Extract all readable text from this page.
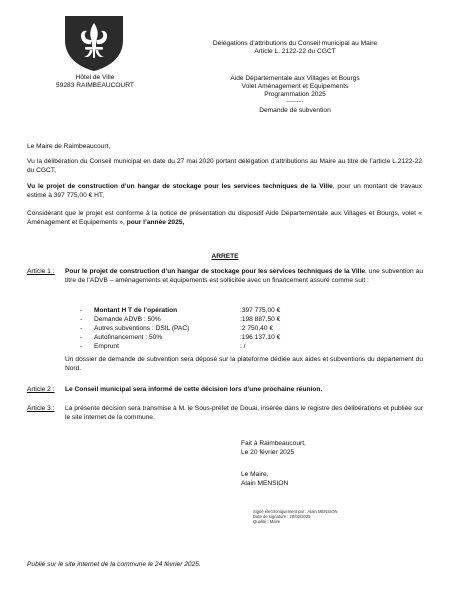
Hôtel de Ville
59283 RAIMBEAUCOURT
Délégations d’attributions du Conseil municipal au Maire
Article L. 2122-22 du CGCT
Aide Départementale aux Villages et Bourgs
Volet Aménagement et Equipements
Programmation 2025
----------
Demande de subvention
Le Maire de Raimbeaucourt,
Vu la délibération du Conseil municipal en date du 27 mai 2020 portant délégation d’attributions au Maire au titre de l’article L.2122-22 du CGCT,
Vu le projet de construction d’un hangar de stockage pour les services techniques de la Ville, pour un montant de travaux estimé à 397 775,00 € HT,
Considérant que le projet est conforme à la notice de présentation du dispositif Aide Départementale aux Villages et Bourgs, volet « Aménagement et Equipements », pour l’année 2025,
ARRETE
Article 1 : Pour le projet de construction d’un hangar de stockage pour les services techniques de la Ville, une subvention au titre de l’ADVB – aménagements et équipements est sollicitée avec un financement assuré comme suit :
- Montant H T de l’opération	: 397 775,00 €
- Demande ADVB : 50%	: 198 887,50 €
- Autres subventions : DSIL (PAC)	: 2 750,40 €
- Autofinancement : 50%	: 196 137,10 €
- Emprunt	: /
Un dossier de demande de subvention sera déposé sur la plateforme dédiée aux aides et subventions du département du Nord.
Article 2 : Le Conseil municipal sera informé de cette décision lors d’une prochaine réunion.
Article 3 : La présente décision sera transmise à M. le Sous-préfet de Douai, insérée dans le registre des délibérations et publiée sur le site internet de la commune.
Fait à Raimbeaucourt,
Le 20 février 2025
Le Maire,
Alain MENSION
Signé électroniquement par : Alain MENSION
Date de signature : 20/02/2025
Qualité : Maire
Publié sur le site internet de la commune le 24 février 2025.
